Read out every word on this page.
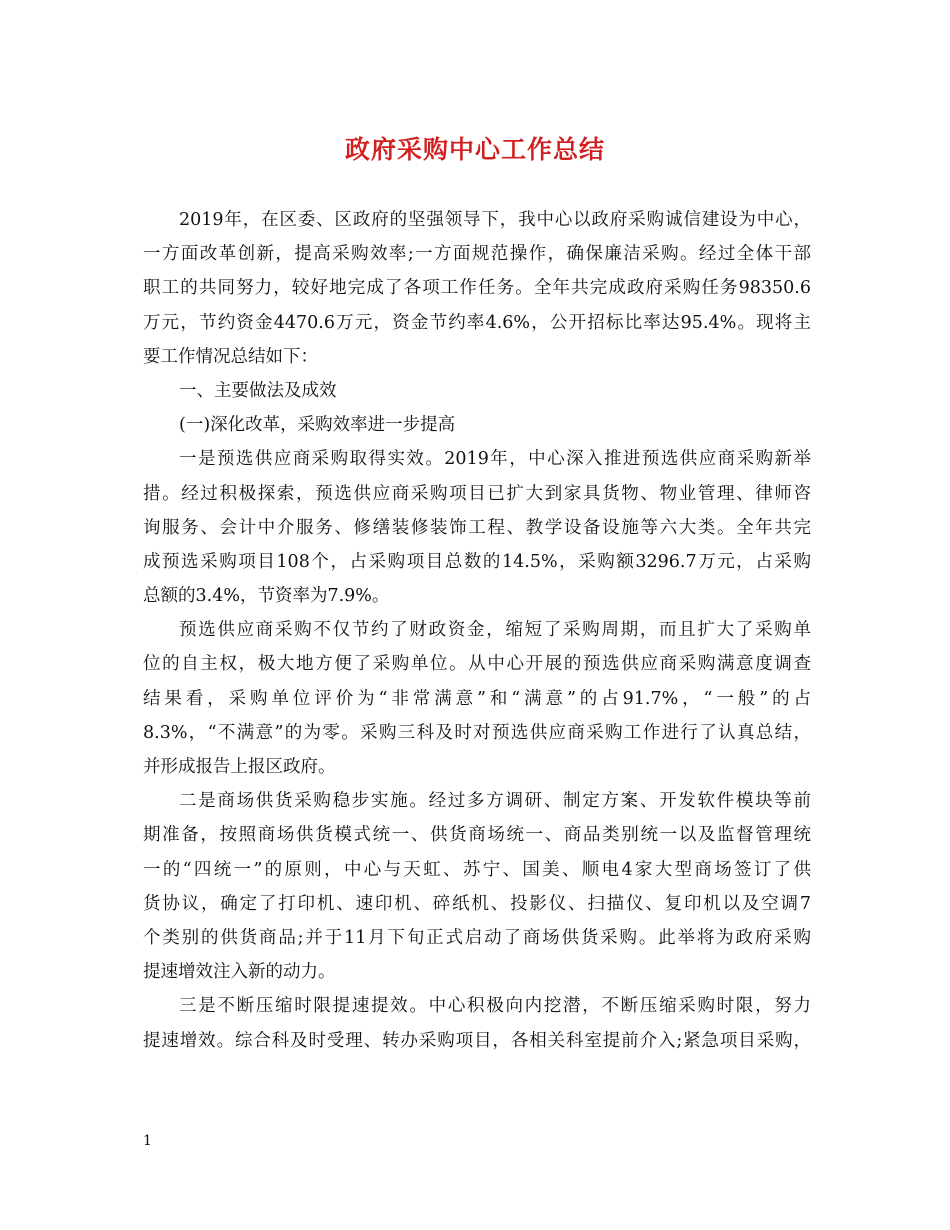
政府采购中心工作总结
2019年，在区委、区政府的坚强领导下，我中心以政府采购诚信建设为中心，
一方面改革创新，提高采购效率;一方面规范操作，确保廉洁采购。经过全体干部
职工的共同努力，较好地完成了各项工作任务。全年共完成政府采购任务98350.6
万元，节约资金4470.6万元，资金节约率4.6%，公开招标比率达95.4%。现将主
要工作情况总结如下：
一、主要做法及成效
(一)深化改革，采购效率进一步提高
一是预选供应商采购取得实效。2019年，中心深入推进预选供应商采购新举
措。经过积极探索，预选供应商采购项目已扩大到家具货物、物业管理、律师咨
询服务、会计中介服务、修缮装修装饰工程、教学设备设施等六大类。全年共完
成预选采购项目108个，占采购项目总数的14.5%，采购额3296.7万元，占采购
总额的3.4%，节资率为7.9%。
预选供应商采购不仅节约了财政资金，缩短了采购周期，而且扩大了采购单
位的自主权，极大地方便了采购单位。从中心开展的预选供应商采购满意度调查
结果看，采购单位评价为“非常满意”和“满意”的占91.7%，“一般”的占
8.3%，“不满意”的为零。采购三科及时对预选供应商采购工作进行了认真总结，
并形成报告上报区政府。
二是商场供货采购稳步实施。经过多方调研、制定方案、开发软件模块等前
期准备，按照商场供货模式统一、供货商场统一、商品类别统一以及监督管理统
一的“四统一”的原则，中心与天虹、苏宁、国美、顺电4家大型商场签订了供
货协议，确定了打印机、速印机、碎纸机、投影仪、扫描仪、复印机以及空调7
个类别的供货商品;并于11月下旬正式启动了商场供货采购。此举将为政府采购
提速增效注入新的动力。
三是不断压缩时限提速提效。中心积极向内挖潜，不断压缩采购时限，努力
提速增效。综合科及时受理、转办采购项目，各相关科室提前介入;紧急项目采购，
1
